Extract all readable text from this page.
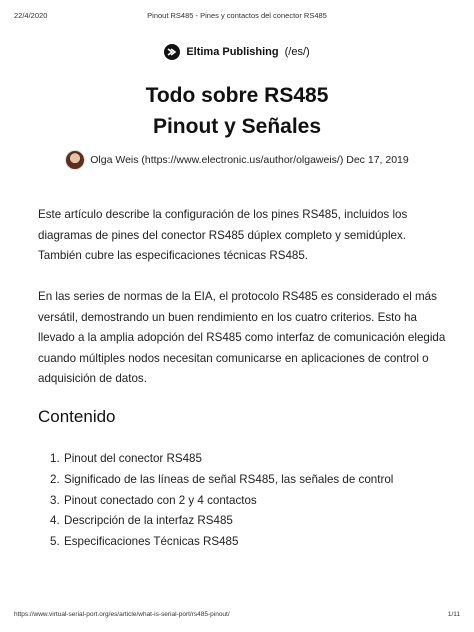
22/4/2020	Pinout RS485 - Pines y contactos del conector RS485
Eltima Publishing (/es/)
Todo sobre RS485
Pinout y Señales
Olga Weis (https://www.electronic.us/author/olgaweis/) Dec 17, 2019

Este artículo describe la configuración de los pines RS485, incluidos los diagramas de pines del conector RS485 dúplex completo y semidúplex. También cubre las especificaciones técnicas RS485.

En las series de normas de la EIA, el protocolo RS485 es considerado el más versátil, demostrando un buen rendimiento en los cuatro criterios. Esto ha llevado a la amplia adopción del RS485 como interfaz de comunicación elegida cuando múltiples nodos necesitan comunicarse en aplicaciones de control o adquisición de datos.

Contenido
1. Pinout del conector RS485
2. Significado de las líneas de señal RS485, las señales de control
3. Pinout conectado con 2 y 4 contactos
4. Descripción de la interfaz RS485
5. Especificaciones Técnicas RS485
https://www.virtual-serial-port.org/es/article/what-is-serial-port/rs485-pinout/	1/11
